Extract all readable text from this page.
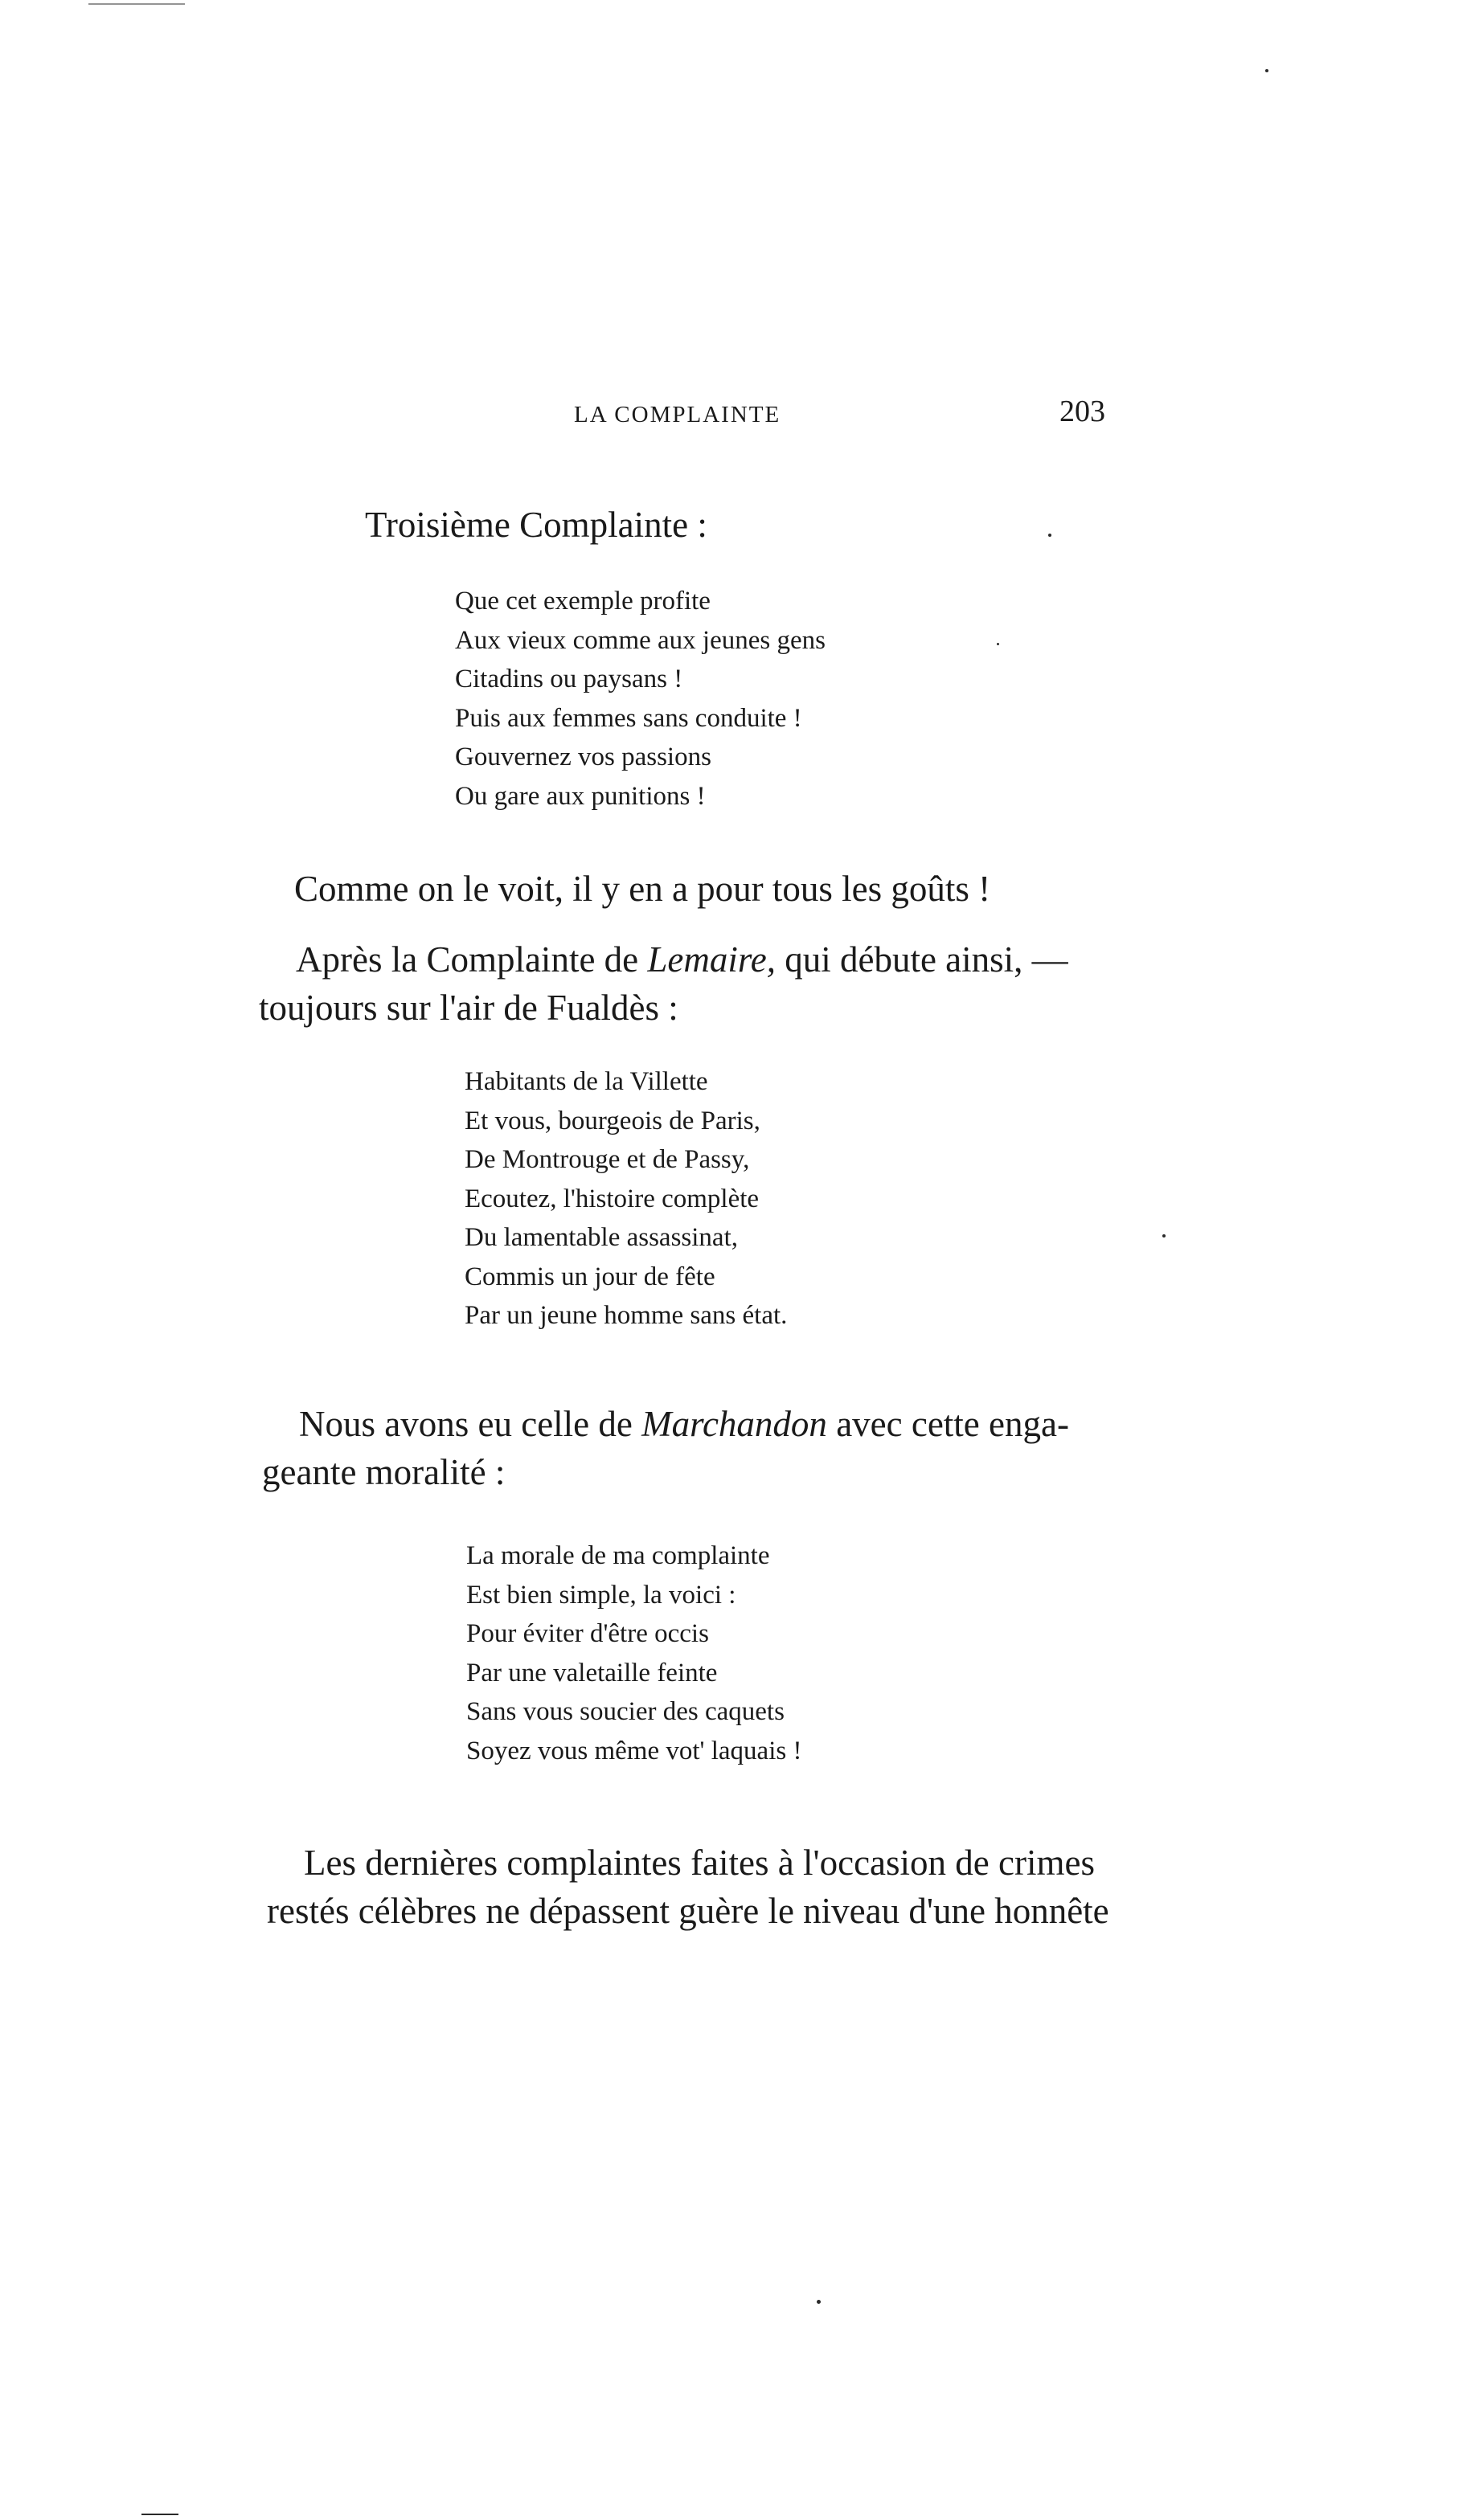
LA COMPLAINTE	203
Troisième Complainte :
Que cet exemple profite
Aux vieux comme aux jeunes gens
Citadins ou paysans !
Puis aux femmes sans conduite !
Gouvernez vos passions
Ou gare aux punitions !
Comme on le voit, il y en a pour tous les goûts !
Après la Complainte de Lemaire, qui débute ainsi, —
toujours sur l'air de Fualdès :
Habitants de la Villette
Et vous, bourgeois de Paris,
De Montrouge et de Passy,
Ecoutez, l'histoire complète
Du lamentable assassinat,
Commis un jour de fête
Par un jeune homme sans état.
Nous avons eu celle de Marchandon avec cette enga-
geante moralité :
La morale de ma complainte
Est bien simple, la voici :
Pour éviter d'être occis
Par une valetaille feinte
Sans vous soucier des caquets
Soyez vous même vot' laquais !
Les dernières complaintes faites à l'occasion de crimes
restés célèbres ne dépassent guère le niveau d'une honnête
